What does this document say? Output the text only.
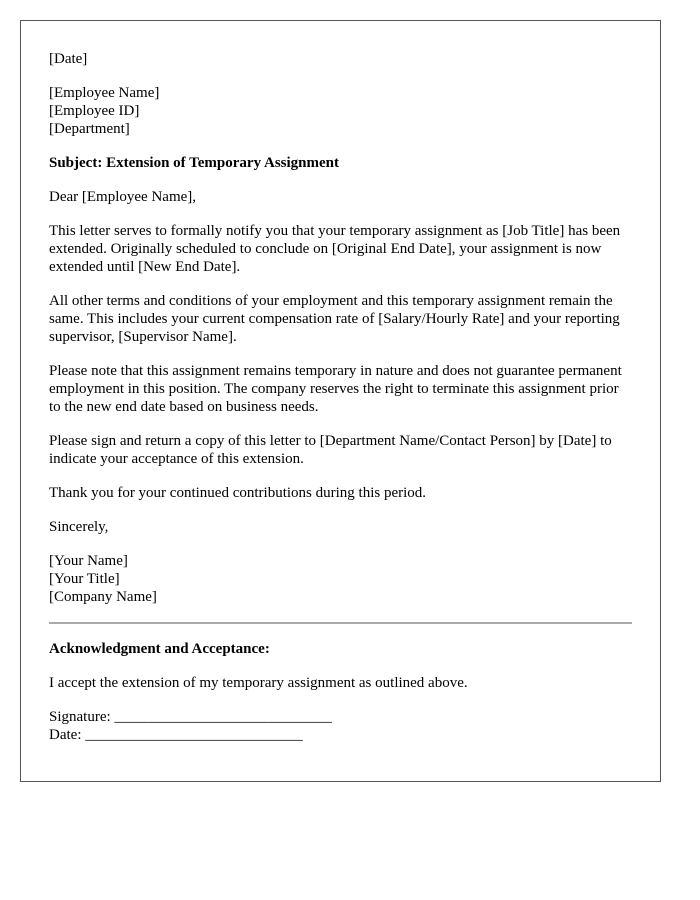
[Date]

[Employee Name]
[Employee ID]
[Department]

Subject: Extension of Temporary Assignment

Dear [Employee Name],

This letter serves to formally notify you that your temporary assignment as [Job Title] has been extended. Originally scheduled to conclude on [Original End Date], your assignment is now extended until [New End Date].

All other terms and conditions of your employment and this temporary assignment remain the same. This includes your current compensation rate of [Salary/Hourly Rate] and your reporting supervisor, [Supervisor Name].

Please note that this assignment remains temporary in nature and does not guarantee permanent employment in this position. The company reserves the right to terminate this assignment prior to the new end date based on business needs.

Please sign and return a copy of this letter to [Department Name/Contact Person] by [Date] to indicate your acceptance of this extension.

Thank you for your continued contributions during this period.

Sincerely,

[Your Name]
[Your Title]
[Company Name]

Acknowledgment and Acceptance:

I accept the extension of my temporary assignment as outlined above.

Signature: _____________________________
Date: _____________________________
